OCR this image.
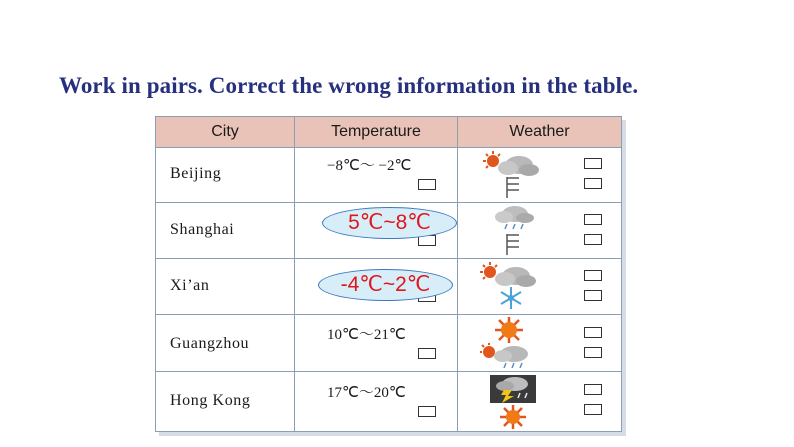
Work in pairs. Correct the wrong information in the table.
City	Temperature	Weather
Beijing	−8℃～ −2℃
Shanghai	5℃~8℃
Xi’an	-4℃~2℃
Guangzhou	10℃～21℃
Hong Kong	17℃～20℃
